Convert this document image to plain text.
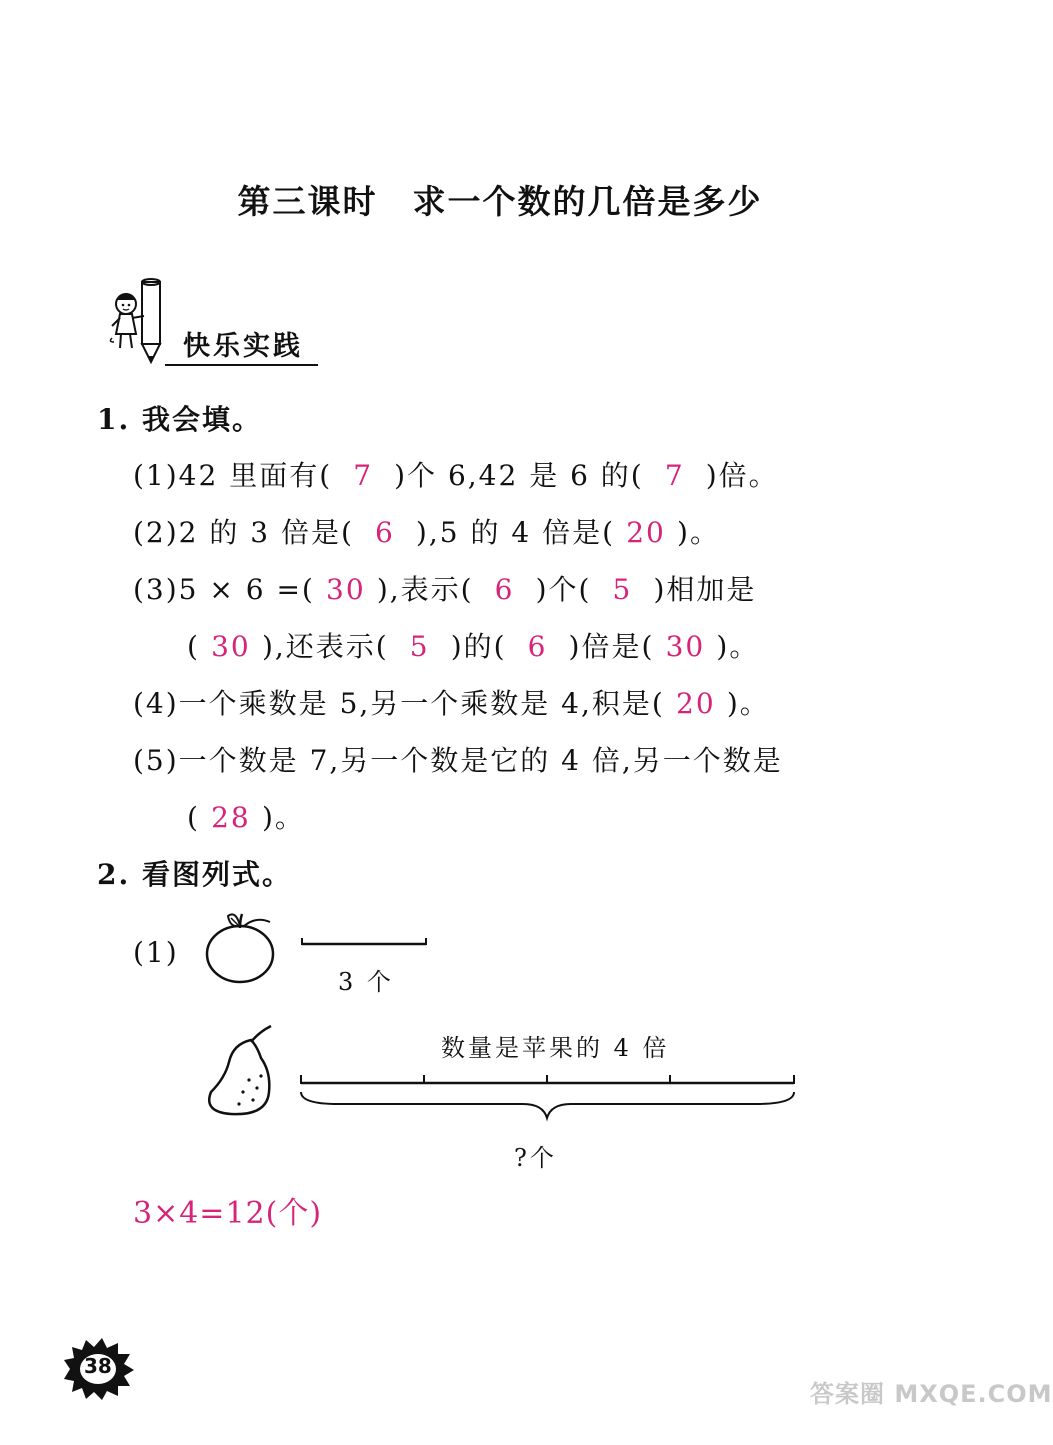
第三课时　求一个数的几倍是多少
快乐实践
1. 我会填。
(1)42 里面有( 7 )个 6,42 是 6 的( 7 )倍。
(2)2 的 3 倍是( 6 ),5 的 4 倍是( 20 )。
(3)5 × 6 =( 30 ),表示( 6 )个( 5 )相加是
( 30 ),还表示( 5 )的( 6 )倍是( 30 )。
(4)一个乘数是 5,另一个乘数是 4,积是( 20 )。
(5)一个数是 7,另一个数是它的 4 倍,另一个数是
( 28 )。
2. 看图列式。
(1)
3 个
数量是苹果的 4 倍
?个
3×4=12(个)
38
答案圈 MXQE.COM
